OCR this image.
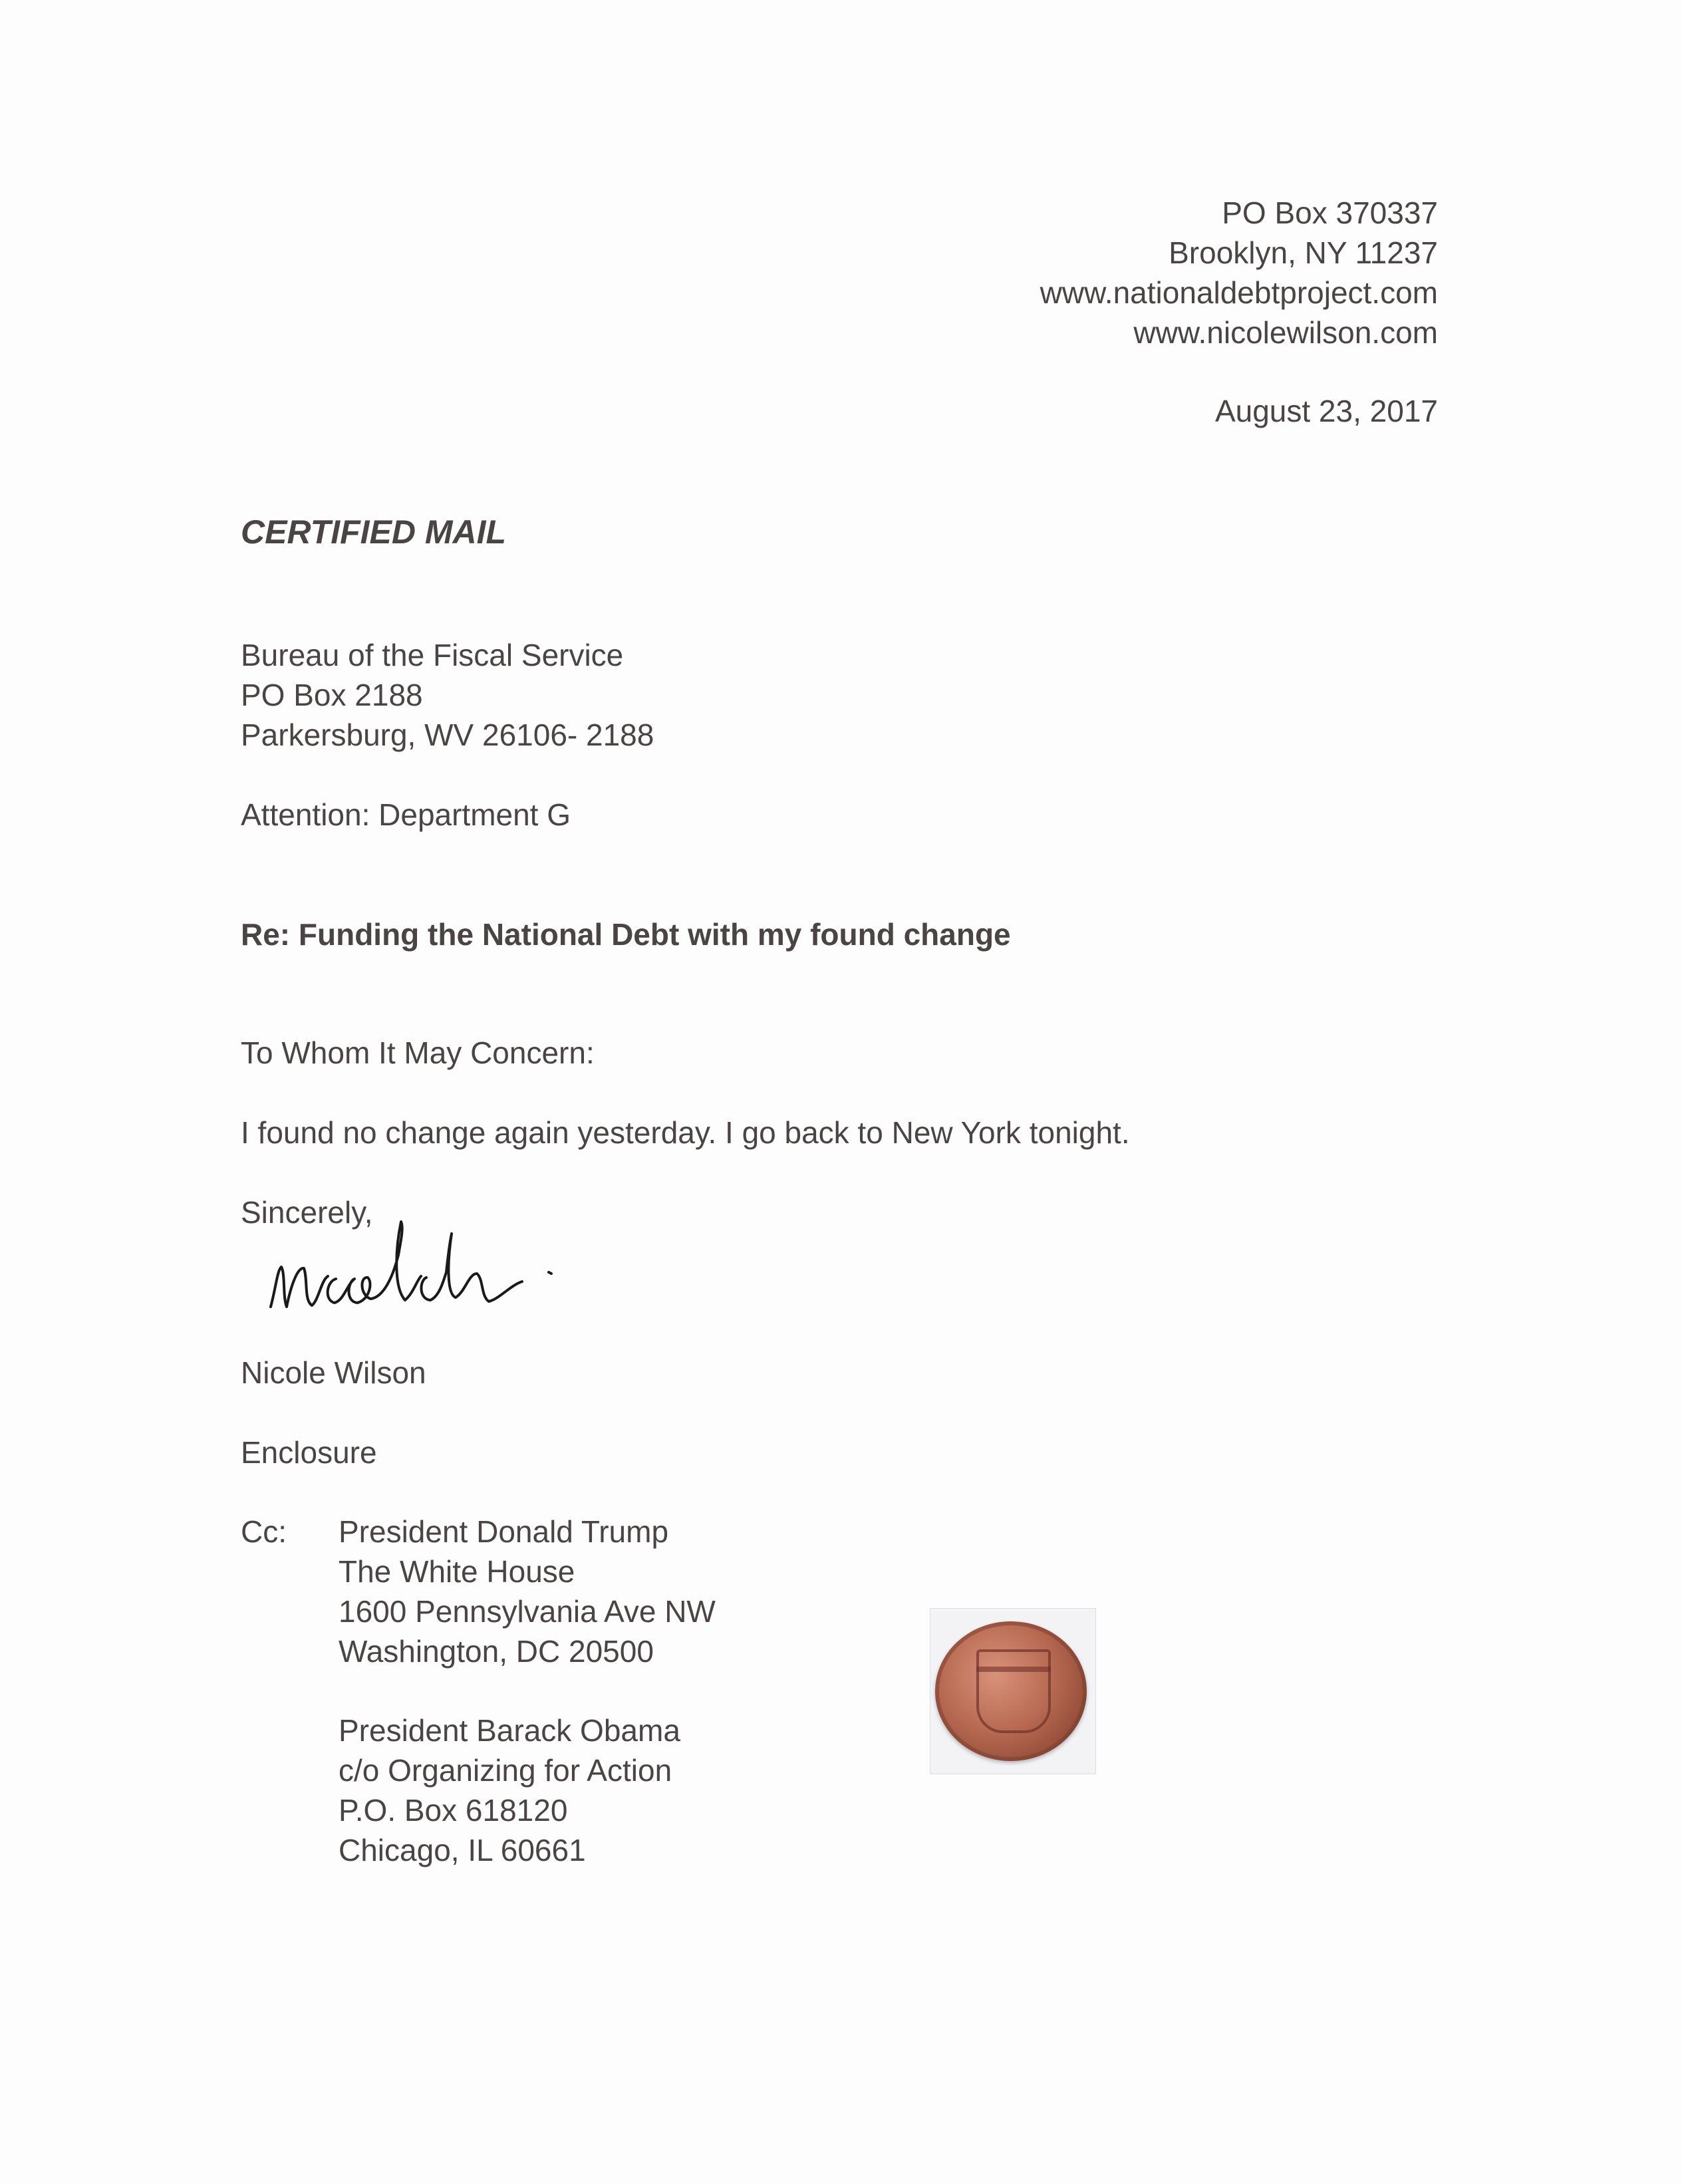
PO Box 370337
Brooklyn, NY 11237
www.nationaldebtproject.com
www.nicolewilson.com
August 23, 2017
CERTIFIED MAIL
Bureau of the Fiscal Service
PO Box 2188
Parkersburg, WV 26106- 2188
Attention: Department G
Re: Funding the National Debt with my found change
To Whom It May Concern:
I found no change again yesterday. I go back to New York tonight.
Sincerely,
Nicole Wilson
Enclosure
Cc: President Donald Trump
The White House
1600 Pennsylvania Ave NW
Washington, DC 20500
President Barack Obama
c/o Organizing for Action
P.O. Box 618120
Chicago, IL 60661
